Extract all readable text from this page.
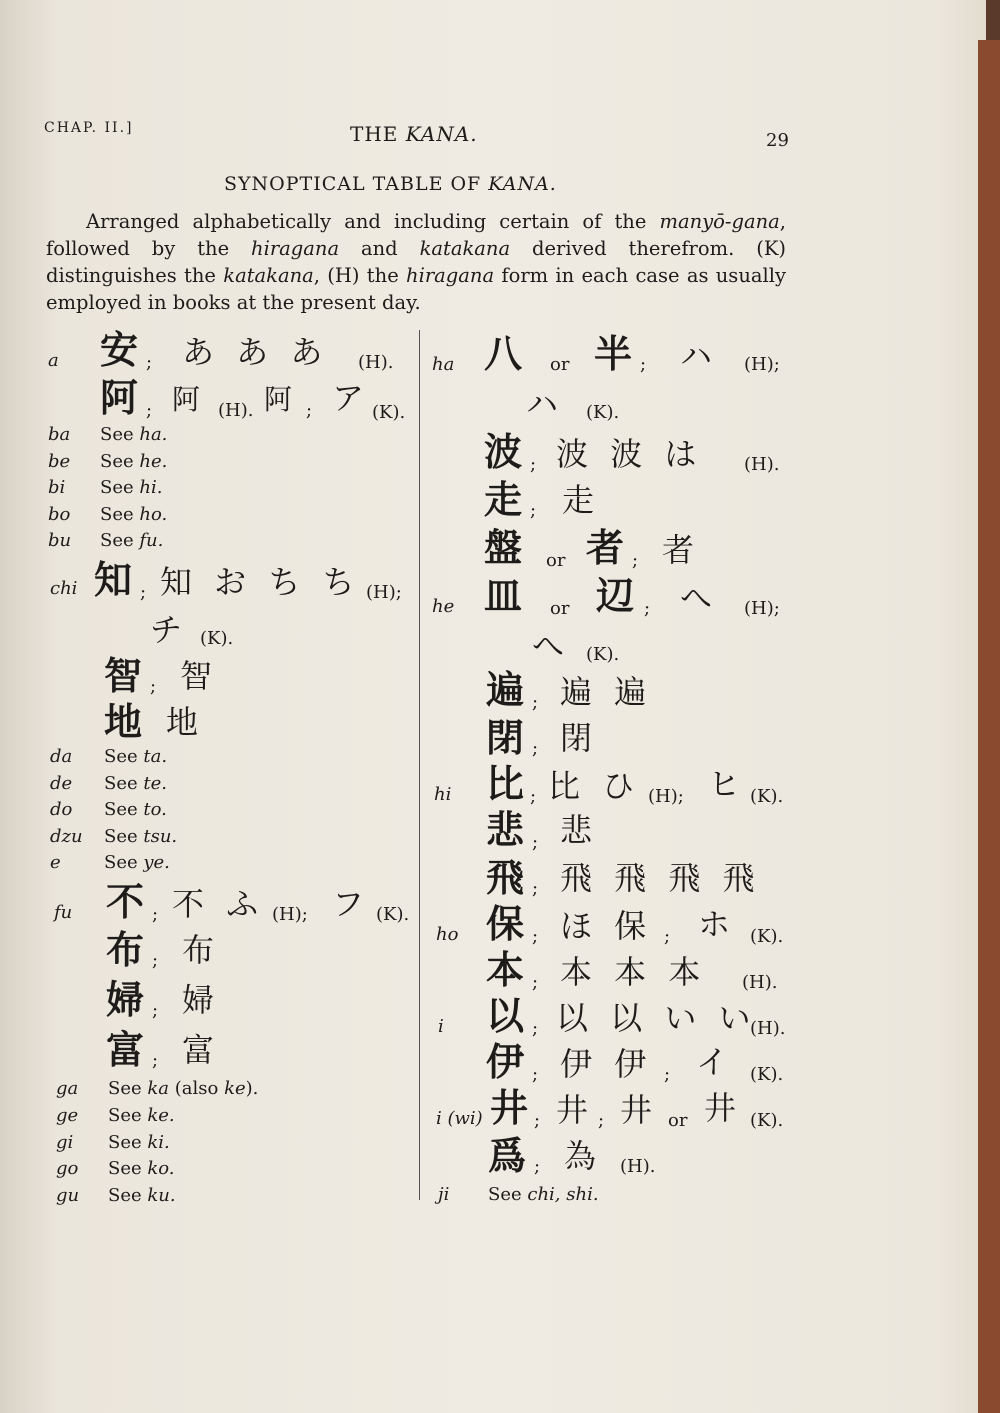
CHAP. II.]	THE KANA.	29
SYNOPTICAL TABLE OF KANA.

Arranged alphabetically and including certain of the manyō-gana, followed by the hiragana and katakana derived therefrom. (K) distinguishes the katakana, (H) the hiragana form in each case as usually employed in books at the present day.

a 安 ; あ あ あ (H).
阿 ; 阿 (H). 阿 ; ア (K).
ba See ha.
be See he.
bi See hi.
bo See ho.
bu See fu.
chi 知 ; 知 お ち ち (H);
チ (K).
智 ; 智
地 地
da See ta.
de See te.
do See to.
dzu See tsu.
e See ye.
fu 不 ; 不 ふ (H); フ (K).
布 ; 布
婦 ; 婦
富 ; 富
ga See ka (also ke).
ge See ke.
gi See ki.
go See ko.
gu See ku.
ha 八 or 半 ; ハ (H);
ハ (K).
波 ; 波 波 は (H).
走 ; 走
盤 or 者 ; 者
he 皿 or 辺 ; へ (H);
へ (K).
遍 ; 遍 遍
閉 ; 閉
hi 比 ; 比 ひ (H); ヒ (K).
悲 ; 悲
飛 ; 飛 飛 飛 飛
ho 保 ; ほ 保 ; ホ (K).
本 ; 本 本 本 (H).
i 以 ; 以 以 い い
(H).
伊 ; 伊 伊 ; イ (K).
i (wi) 井 ; 井 ; 井 or 井 (K).
爲 ; 為 (H).
ji See chi, shi.
